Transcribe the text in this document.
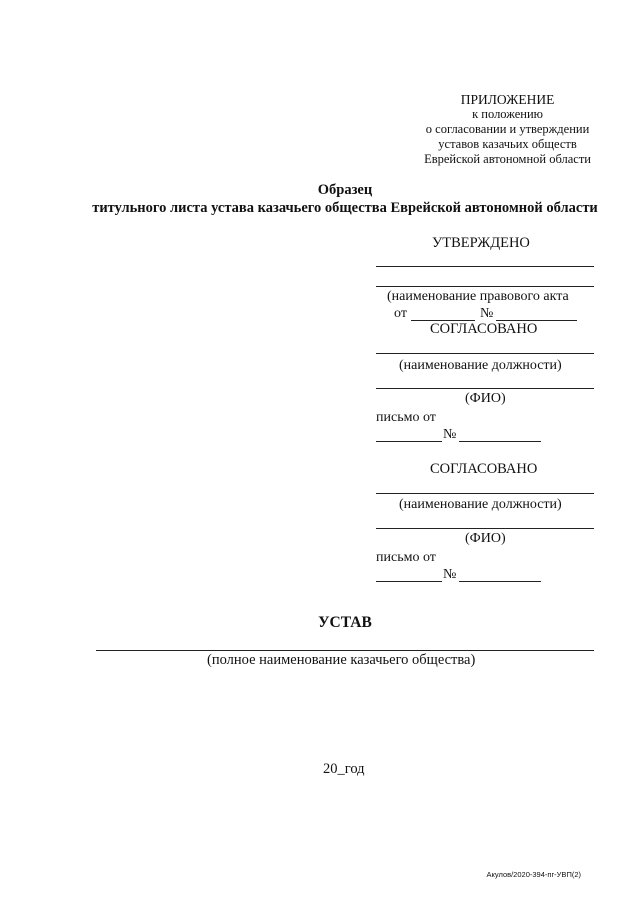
ПРИЛОЖЕНИЕ
к положению
о согласовании и утверждении
уставов казачьих обществ
Еврейской автономной области
Образец
титульного листа устава казачьего общества Еврейской автономной области
УТВЕРЖДЕНО
(наименование правового акта
от	№
СОГЛАСОВАНО
(наименование должности)
(ФИО)
письмо от
№
СОГЛАСОВАНО
(наименование должности)
(ФИО)
письмо от
№
УСТАВ
(полное наименование казачьего общества)
20_год
Акулов/2020-394-пг-УВП(2)
